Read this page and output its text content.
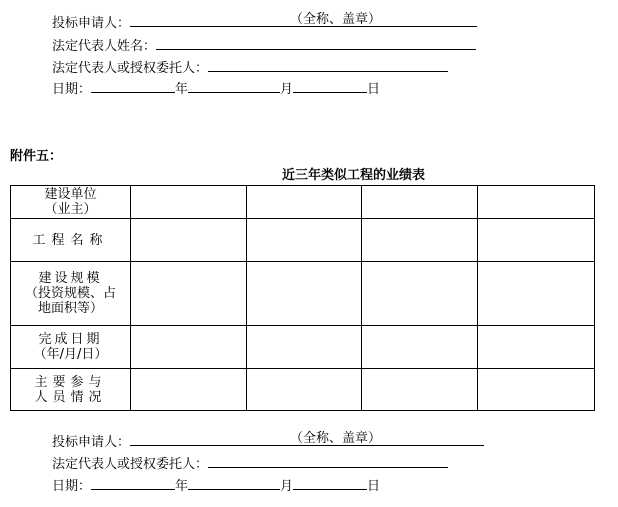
投标申请人：	（全称、盖章）
法定代表人姓名：
法定代表人或授权委托人：
日期：	年	月	日
附件五：
近三年类似工程的业绩表
建设单位
（业主）				

工程名称				

建设规模
（投资规模、占
地面积等）				

完成日期
（年/月/日）				

主要参与
人员情况				

投标申请人：	（全称、盖章）
法定代表人或授权委托人：
日期：	年	月	日
